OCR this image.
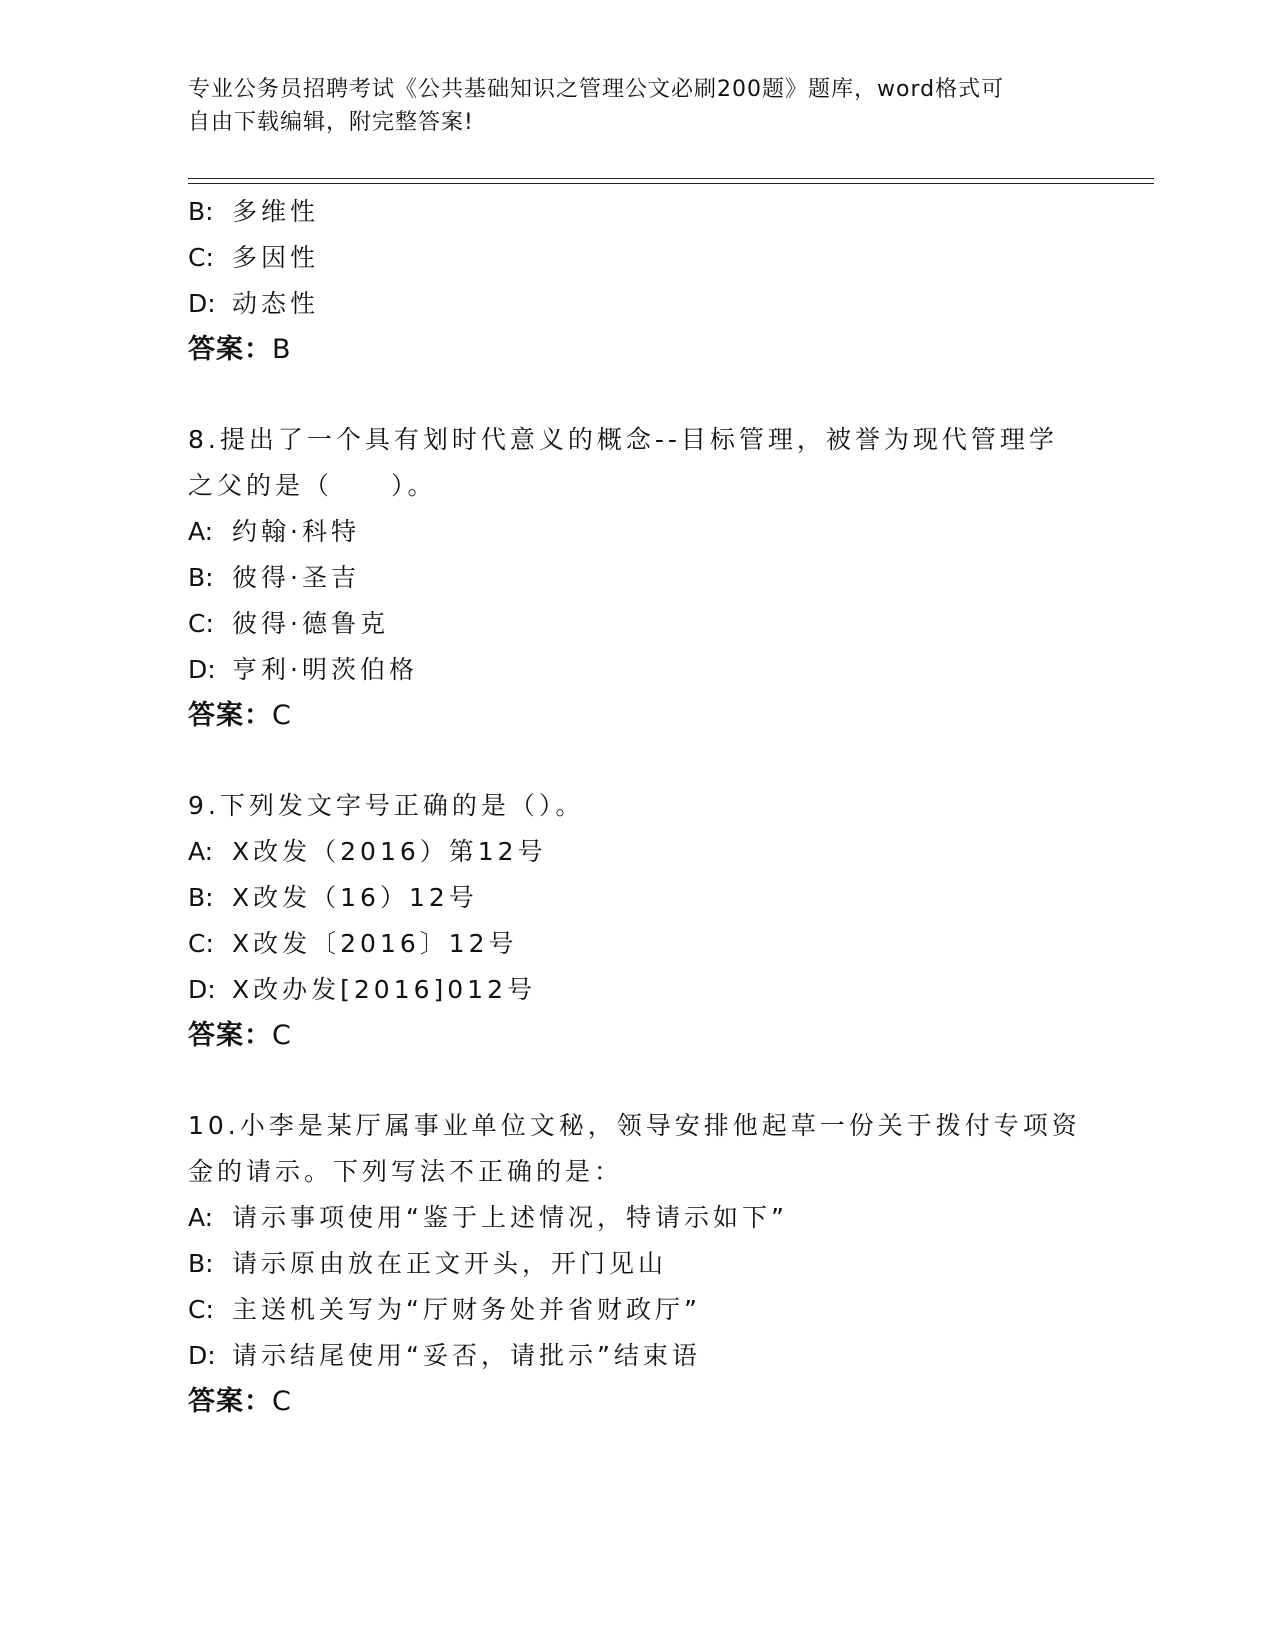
专业公务员招聘考试《公共基础知识之管理公文必刷200题》题库，word格式可
自由下载编辑，附完整答案!
B: 多维性
C: 多因性
D: 动态性
答案：B
8.提出了一个具有划时代意义的概念--目标管理，被誉为现代管理学
之父的是（　　）。
A: 约翰·科特
B: 彼得·圣吉
C: 彼得·德鲁克
D: 亨利·明茨伯格
答案：C
9.下列发文字号正确的是（）。
A: X改发（2016）第12号
B: X改发（16）12号
C: X改发〔2016〕12号
D: X改办发[2016]012号
答案：C
10.小李是某厅属事业单位文秘，领导安排他起草一份关于拨付专项资
金的请示。下列写法不正确的是：
A: 请示事项使用“鉴于上述情况，特请示如下”
B: 请示原由放在正文开头，开门见山
C: 主送机关写为“厅财务处并省财政厅”
D: 请示结尾使用“妥否，请批示”结束语
答案：C
